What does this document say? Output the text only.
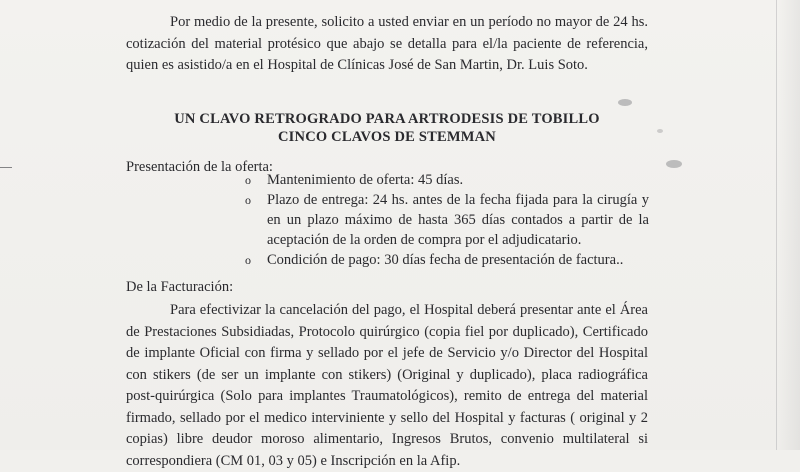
Por medio de la presente, solicito a usted enviar en un período no mayor de 24 hs. cotización del material protésico que abajo se detalla para el/la paciente de referencia, quien es asistido/a en el Hospital de Clínicas José de San Martin, Dr. Luis Soto.

UN CLAVO RETROGRADO PARA ARTRODESIS DE TOBILLO

CINCO CLAVOS DE STEMMAN

Presentación de la oferta:

o Mantenimiento de oferta: 45 días.
o Plazo de entrega: 24 hs. antes de la fecha fijada para la cirugía y en un plazo máximo de hasta 365 días contados a partir de la aceptación de la orden de compra por el adjudicatario.
o Condición de pago: 30 días fecha de presentación de factura..

De la Facturación:

Para efectivizar la cancelación del pago, el Hospital deberá presentar ante el Área de Prestaciones Subsidiadas, Protocolo quirúrgico (copia fiel por duplicado), Certificado de implante Oficial con firma y sellado por el jefe de Servicio y/o Director del Hospital con stikers (de ser un implante con stikers) (Original y duplicado), placa radiográfica post-quirúrgica (Solo para implantes Traumatológicos), remito de entrega del material firmado, sellado por el medico interviniente y sello del Hospital y facturas ( original y 2 copias) libre deudor moroso alimentario, Ingresos Brutos, convenio multilateral si correspondiera (CM 01, 03 y 05) e Inscripción en la Afip.
